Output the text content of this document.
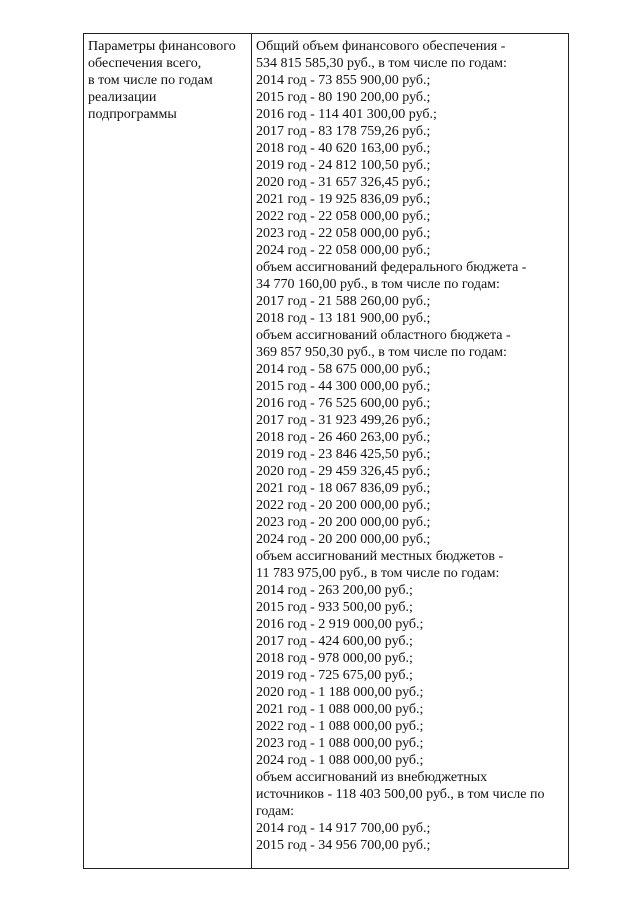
Параметры финансового
обеспечения всего,
в том числе по годам
реализации
подпрограммы
Общий объем финансового обеспечения -
534 815 585,30 руб., в том числе по годам:
2014 год - 73 855 900,00 руб.;
2015 год - 80 190 200,00 руб.;
2016 год - 114 401 300,00 руб.;
2017 год - 83 178 759,26 руб.;
2018 год - 40 620 163,00 руб.;
2019 год - 24 812 100,50 руб.;
2020 год - 31 657 326,45 руб.;
2021 год - 19 925 836,09 руб.;
2022 год - 22 058 000,00 руб.;
2023 год - 22 058 000,00 руб.;
2024 год - 22 058 000,00 руб.;
объем ассигнований федерального бюджета -
34 770 160,00 руб., в том числе по годам:
2017 год - 21 588 260,00 руб.;
2018 год - 13 181 900,00 руб.;
объем ассигнований областного бюджета -
369 857 950,30 руб., в том числе по годам:
2014 год - 58 675 000,00 руб.;
2015 год - 44 300 000,00 руб.;
2016 год - 76 525 600,00 руб.;
2017 год - 31 923 499,26 руб.;
2018 год - 26 460 263,00 руб.;
2019 год - 23 846 425,50 руб.;
2020 год - 29 459 326,45 руб.;
2021 год - 18 067 836,09 руб.;
2022 год - 20 200 000,00 руб.;
2023 год - 20 200 000,00 руб.;
2024 год - 20 200 000,00 руб.;
объем ассигнований местных бюджетов -
11 783 975,00 руб., в том числе по годам:
2014 год - 263 200,00 руб.;
2015 год - 933 500,00 руб.;
2016 год - 2 919 000,00 руб.;
2017 год - 424 600,00 руб.;
2018 год - 978 000,00 руб.;
2019 год - 725 675,00 руб.;
2020 год - 1 188 000,00 руб.;
2021 год - 1 088 000,00 руб.;
2022 год - 1 088 000,00 руб.;
2023 год - 1 088 000,00 руб.;
2024 год - 1 088 000,00 руб.;
объем ассигнований из внебюджетных
источников - 118 403 500,00 руб., в том числе по
годам:
2014 год - 14 917 700,00 руб.;
2015 год - 34 956 700,00 руб.;
